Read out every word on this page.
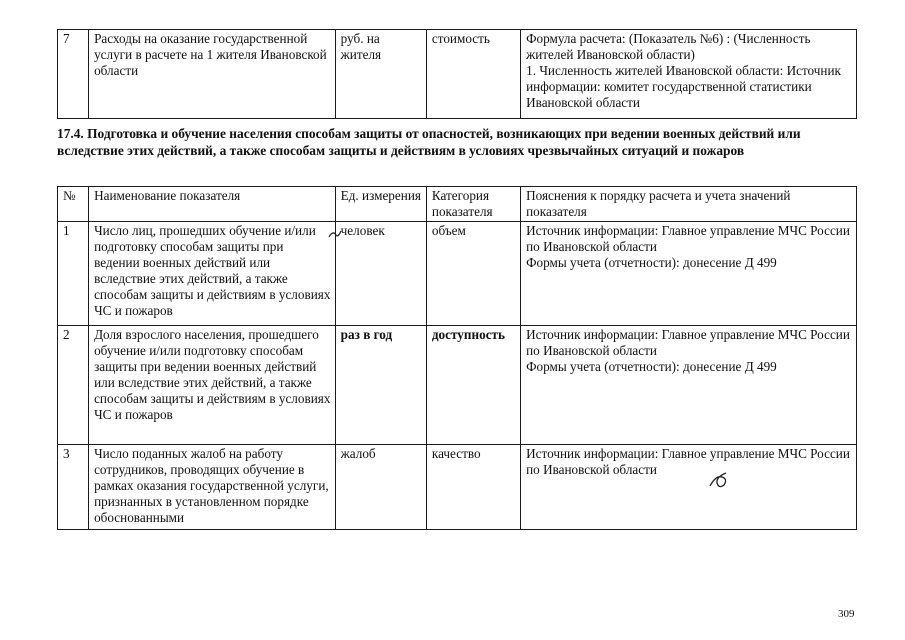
7	Расходы на оказание государственной услуги в расчете на 1 жителя Ивановской области	руб. на жителя	стоимость	Формула расчета: (Показатель №6) : (Численность жителей Ивановской области)
1. Численность жителей Ивановской области: Источник информации: комитет государственной статистики Ивановской области
17.4. Подготовка и обучение населения способам защиты от опасностей, возникающих при ведении военных действий или вследствие этих действий, а также способам защиты и действиям в условиях чрезвычайных ситуаций и пожаров
№	Наименование показателя	Ед. измерения	Категория показателя	Пояснения к порядку расчета и учета значений показателя
1	Число лиц, прошедших обучение и/или подготовку способам защиты при ведении военных действий или вследствие этих действий, а также способам защиты и действиям в условиях ЧС и пожаров	человек	объем	Источник информации: Главное управление МЧС России по Ивановской области
Формы учета (отчетности): донесение Д 499

2	Доля взрослого населения, прошедшего обучение и/или подготовку способам защиты при ведении военных действий или вследствие этих действий, а также способам защиты и действиям в условиях ЧС и пожаров	раз в год	доступность	Источник информации: Главное управление МЧС России по Ивановской области
Формы учета (отчетности): донесение Д 499

3	Число поданных жалоб на работу сотрудников, проводящих обучение в рамках оказания государственной услуги, признанных в установленном порядке обоснованными	жалоб	качество	Источник информации: Главное управление МЧС России по Ивановской области
309
